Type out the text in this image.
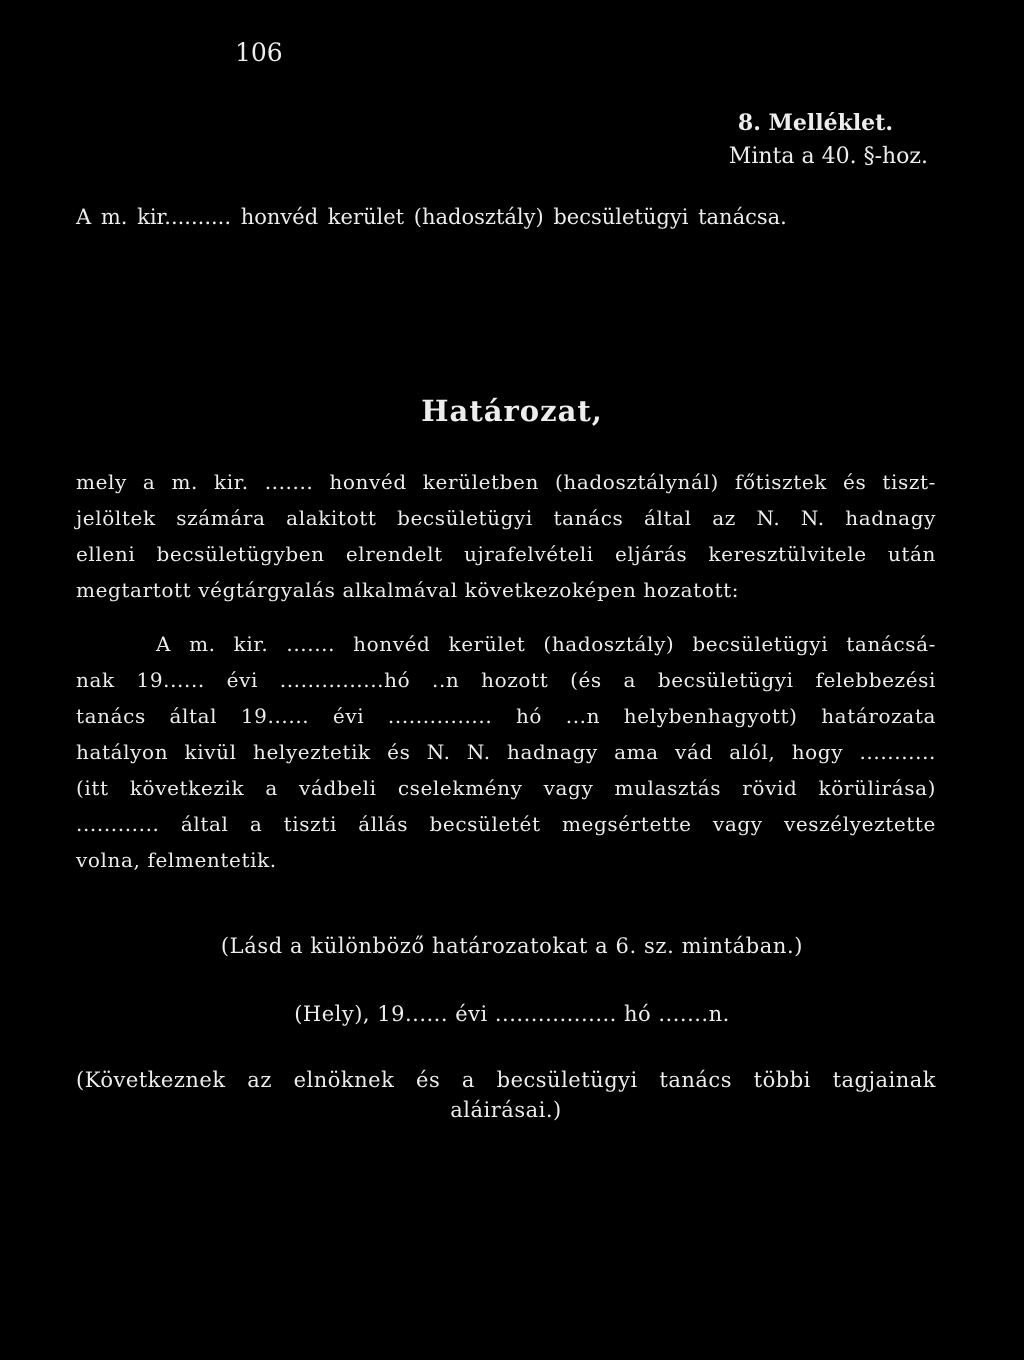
106
8. Melléklet.
Minta a 40. §-hoz.
A m. kir.......... honvéd kerület (hadosztály) becsületügyi tanácsa.
Határozat,
mely a m. kir. ....... honvéd kerületben (hadosztálynál) főtisztek és tiszt-
jelöltek számára alakitott becsületügyi tanács által az N. N. hadnagy
elleni becsületügyben elrendelt ujrafelvételi eljárás keresztülvitele után
megtartott végtárgyalás alkalmával következoképen hozatott:
A m. kir. ....... honvéd kerület (hadosztály) becsületügyi tanácsá-
nak 19...... évi ...............hó ..n hozott (és a becsületügyi felebbezési
tanács által 19...... évi ............... hó ...n helybenhagyott) határozata
hatályon kivül helyeztetik és N. N. hadnagy ama vád alól, hogy ...........
(itt következik a vádbeli cselekmény vagy mulasztás rövid körülirása)
............ által a tiszti állás becsületét megsértette vagy veszélyeztette
volna, felmentetik.
(Lásd a különböző határozatokat a 6. sz. mintában.)
(Hely), 19...... évi ................. hó .......n.
(Következnek az elnöknek és a becsületügyi tanács többi tagjainak
aláirásai.)
